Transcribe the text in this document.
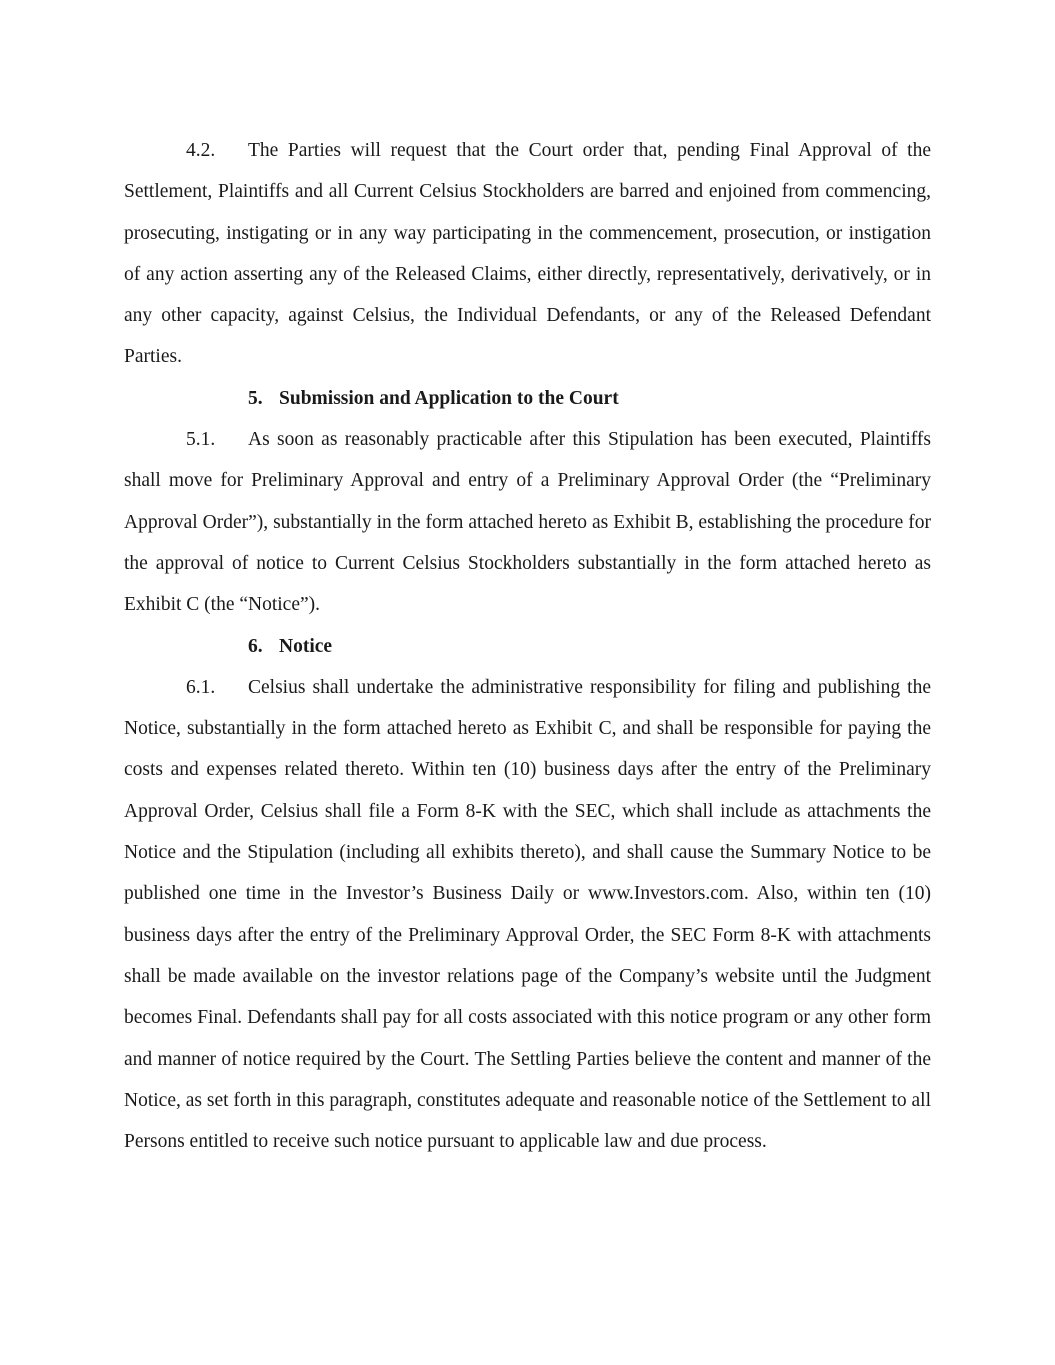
4.2. The Parties will request that the Court order that, pending Final Approval of the Settlement, Plaintiffs and all Current Celsius Stockholders are barred and enjoined from commencing, prosecuting, instigating or in any way participating in the commencement, prosecution, or instigation of any action asserting any of the Released Claims, either directly, representatively, derivatively, or in any other capacity, against Celsius, the Individual Defendants, or any of the Released Defendant Parties.

5. Submission and Application to the Court

5.1. As soon as reasonably practicable after this Stipulation has been executed, Plaintiffs shall move for Preliminary Approval and entry of a Preliminary Approval Order (the “Preliminary Approval Order”), substantially in the form attached hereto as Exhibit B, establishing the procedure for the approval of notice to Current Celsius Stockholders substantially in the form attached hereto as Exhibit C (the “Notice”).

6. Notice

6.1. Celsius shall undertake the administrative responsibility for filing and publishing the Notice, substantially in the form attached hereto as Exhibit C, and shall be responsible for paying the costs and expenses related thereto. Within ten (10) business days after the entry of the Preliminary Approval Order, Celsius shall file a Form 8-K with the SEC, which shall include as attachments the Notice and the Stipulation (including all exhibits thereto), and shall cause the Summary Notice to be published one time in the Investor’s Business Daily or www.Investors.com. Also, within ten (10) business days after the entry of the Preliminary Approval Order, the SEC Form 8-K with attachments shall be made available on the investor relations page of the Company’s website until the Judgment becomes Final. Defendants shall pay for all costs associated with this notice program or any other form and manner of notice required by the Court. The Settling Parties believe the content and manner of the Notice, as set forth in this paragraph, constitutes adequate and reasonable notice of the Settlement to all Persons entitled to receive such notice pursuant to applicable law and due process.
